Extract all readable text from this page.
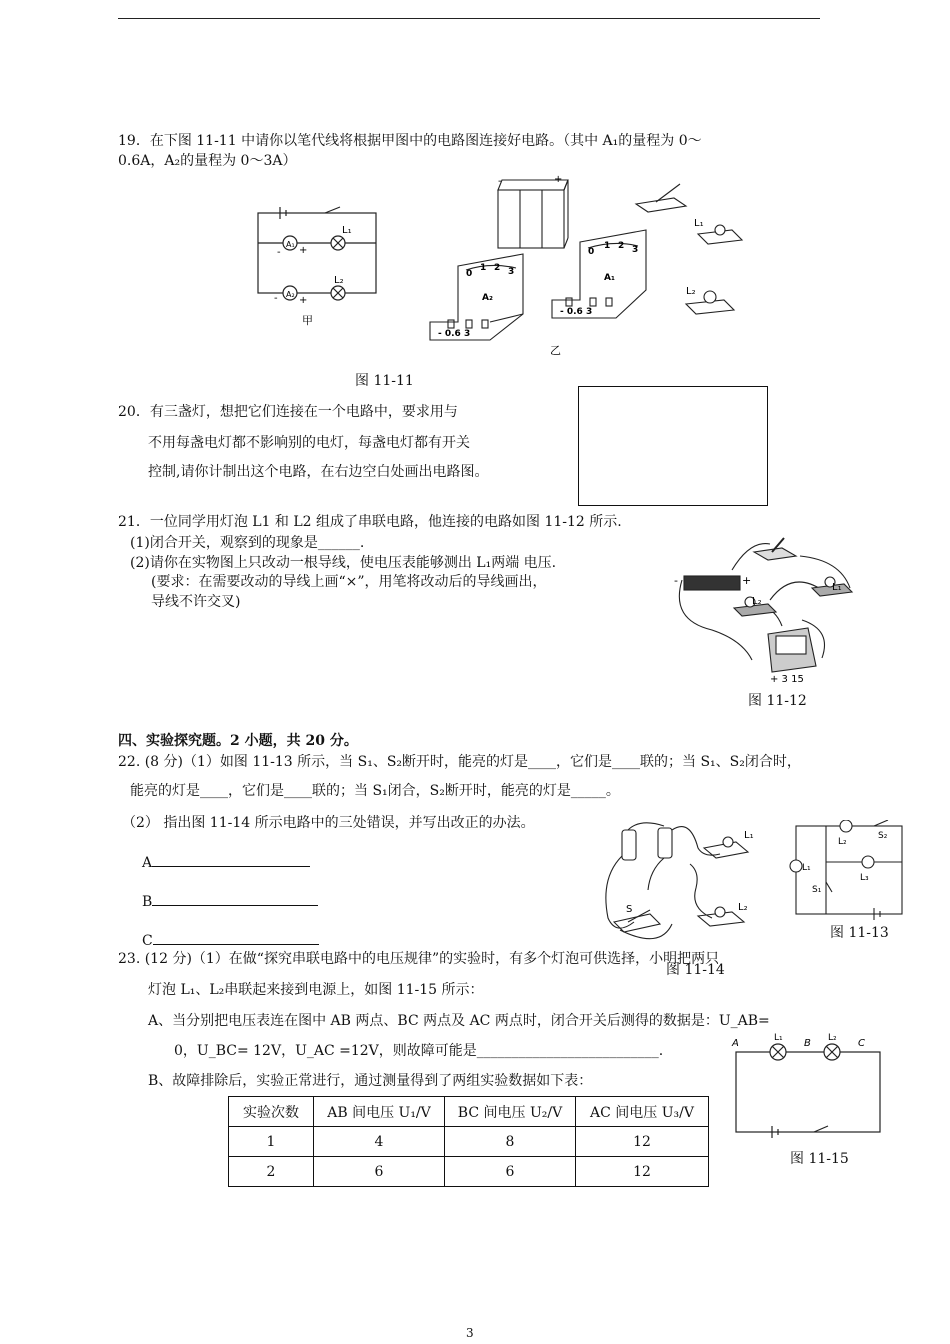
19．在下图 11-11 中请你以笔代线将根据甲图中的电路图连接好电路。（其中 A₁的量程为 0～
0.6A，A₂的量程为 0～3A）
A₁
A₂
L₁
L₂
+
-
+
-
甲
-	+
0
1 2 3
A₂
- 0.6 3
0
1 2 3
A₁
- 0.6 3
L₁
L₂
乙
图 11-11
20．有三盏灯，想把它们连接在一个电路中，要求用与
不用每盏电灯都不影响别的电灯，每盏电灯都有开关
控制,请你计制出这个电路，在右边空白处画出电路图。
21．一位同学用灯泡 L1 和 L2 组成了串联电路，他连接的电路如图 11-12 所示.
(1)闭合开关，观察到的现象是______.
(2)请你在实物图上只改动一根导线，使电压表能够测出 L₁两端 电压.
(要求：在需要改动的导线上画“×”，用笔将改动后的导线画出，
导线不许交叉)
-	+
L₁
L₂
+ 3 15
图 11-12
四、实验探究题。2 小题，共 20 分。
22. (8 分)（1）如图 11-13 所示，当 S₁、S₂断开时，能亮的灯是____，它们是____联的；当 S₁、S₂闭合时，
能亮的灯是____，它们是____联的；当 S₁闭合，S₂断开时，能亮的灯是_____。
（2） 指出图 11-14 所示电路中的三处错误，并写出改正的办法。
A
B
C
L₁
L₂
S
L₂
S₂
L₁
L₃
S₁
图 11-13
图 11-14
23. (12 分)（1）在做“探究串联电路中的电压规律”的实验时，有多个灯泡可供选择，小明把两只
灯泡 L₁、L₂串联起来接到电源上，如图 11-15 所示：
A、当分别把电压表连在图中 AB 两点、BC 两点及 AC 两点时，闭合开关后测得的数据是：U_AB=
0，U_BC= 12V，U_AC =12V，则故障可能是__________________________.
B、故障排除后，实验正常进行，通过测量得到了两组实验数据如下表：
A	L₁ B L₂ C
图 11-15
实验次数	AB 间电压 U₁/V	BC 间电压 U₂/V	AC 间电压 U₃/V
1	4	8	12
2	6	6	12
3
